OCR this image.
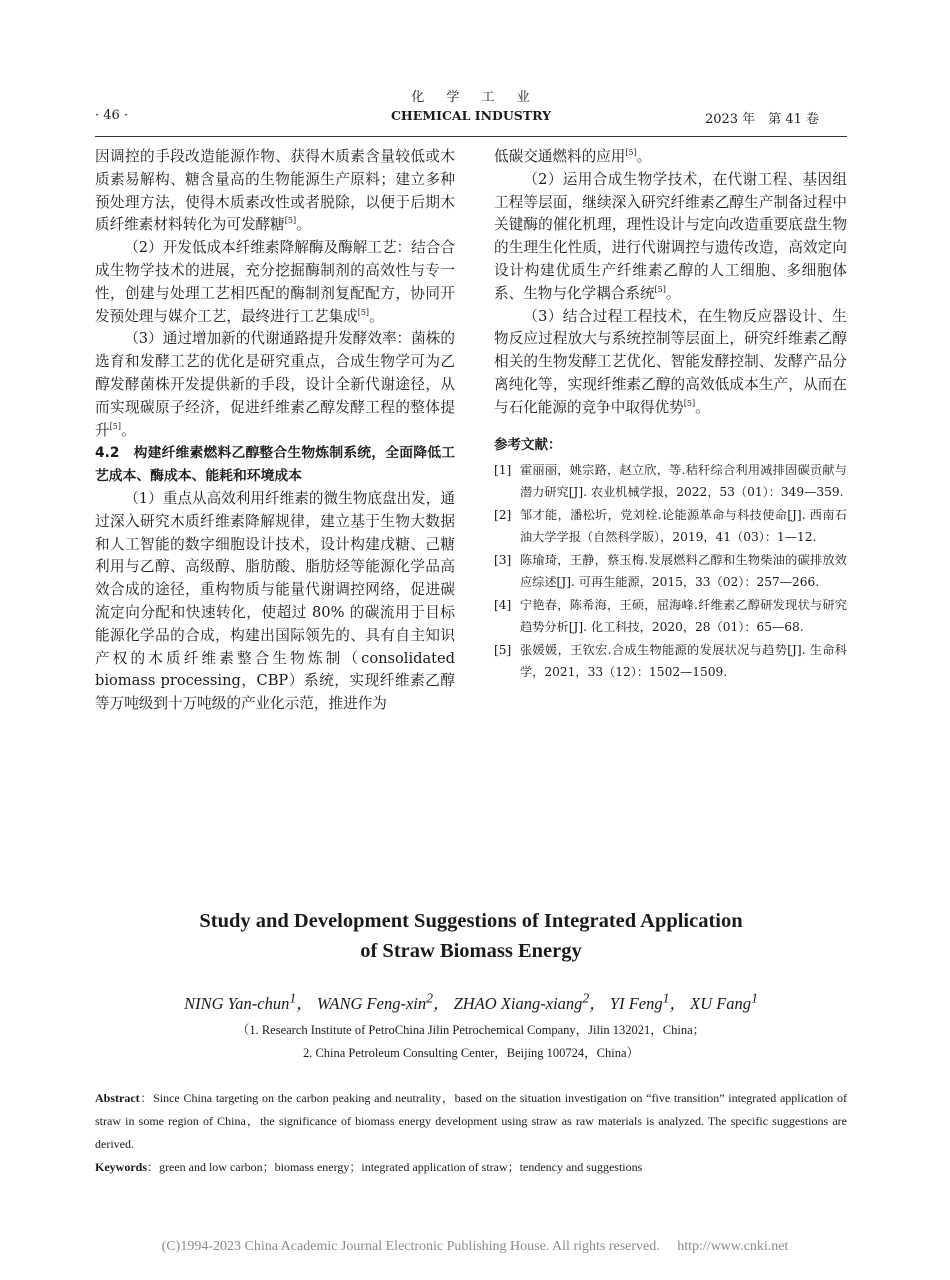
化 学 工 业
· 46 ·	CHEMICAL INDUSTRY	2023 年　第 41 卷

因调控的手段改造能源作物、获得木质素含量较低或木质素易解构、糖含量高的生物能源生产原料；建立多种预处理方法，使得木质素改性或者脱除，以便于后期木质纤维素材料转化为可发酵糖[5]。

（2）开发低成本纤维素降解酶及酶解工艺：结合合成生物学技术的进展，充分挖掘酶制剂的高效性与专一性，创建与处理工艺相匹配的酶制剂复配配方，协同开发预处理与媒介工艺，最终进行工艺集成[5]。

（3）通过增加新的代谢通路提升发酵效率：菌株的选育和发酵工艺的优化是研究重点，合成生物学可为乙醇发酵菌株开发提供新的手段，设计全新代谢途径，从而实现碳原子经济，促进纤维素乙醇发酵工程的整体提升[5]。

4.2　构建纤维素燃料乙醇整合生物炼制系统，全面降低工艺成本、酶成本、能耗和环境成本

（1）重点从高效利用纤维素的微生物底盘出发，通过深入研究木质纤维素降解规律，建立基于生物大数据和人工智能的数字细胞设计技术，设计构建戊糖、己糖利用与乙醇、高级醇、脂肪酸、脂肪烃等能源化学品高效合成的途径，重构物质与能量代谢调控网络，促进碳流定向分配和快速转化，使超过 80% 的碳流用于目标能源化学品的合成，构建出国际领先的、具有自主知识产权的木质纤维素整合生物炼制（consolidated biomass processing，CBP）系统，实现纤维素乙醇等万吨级到十万吨级的产业化示范，推进作为

低碳交通燃料的应用[5]。

（2）运用合成生物学技术，在代谢工程、基因组工程等层面，继续深入研究纤维素乙醇生产制备过程中关键酶的催化机理，理性设计与定向改造重要底盘生物的生理生化性质，进行代谢调控与遗传改造，高效定向设计构建优质生产纤维素乙醇的人工细胞、多细胞体系、生物与化学耦合系统[5]。

（3）结合过程工程技术，在生物反应器设计、生物反应过程放大与系统控制等层面上，研究纤维素乙醇相关的生物发酵工艺优化、智能发酵控制、发酵产品分离纯化等，实现纤维素乙醇的高效低成本生产，从而在与石化能源的竞争中取得优势[5]。

参考文献：
[1] 霍丽丽，姚宗路，赵立欣，等.秸秆综合利用减排固碳贡献与潜力研究[J]. 农业机械学报，2022，53（01）：349—359.
[2] 邹才能，潘松圻，党刘栓.论能源革命与科技使命[J]. 西南石油大学学报（自然科学版），2019，41（03）：1—12.
[3] 陈瑜琦，王静，蔡玉梅.发展燃料乙醇和生物柴油的碳排放效应综述[J]. 可再生能源，2015，33（02）：257—266.
[4] 宁艳春，陈希海，王硕，屈海峰.纤维素乙醇研发现状与研究趋势分析[J]. 化工科技，2020，28（01）：65—68.
[5] 张媛媛，王钦宏.合成生物能源的发展状况与趋势[J]. 生命科学，2021，33（12）：1502—1509.
Study and Development Suggestions of Integrated Application
of Straw Biomass Energy
NING Yan-chun$^1$， WANG Feng-xin$^2$， ZHAO Xiang-xiang$^2$， YI Feng$^1$， XU Fang$^1$
（1. Research Institute of PetroChina Jilin Petrochemical Company，Jilin 132021，China；
2. China Petroleum Consulting Center，Beijing 100724，China）
Abstract：Since China targeting on the carbon peaking and neutrality，based on the situation investigation on “five transition” integrated application of straw in some region of China，the significance of biomass energy development using straw as raw materials is analyzed. The specific suggestions are derived.
Keywords：green and low carbon；biomass energy；integrated application of straw；tendency and suggestions
(C)1994-2023 China Academic Journal Electronic Publishing House. All rights reserved.　 http://www.cnki.net
